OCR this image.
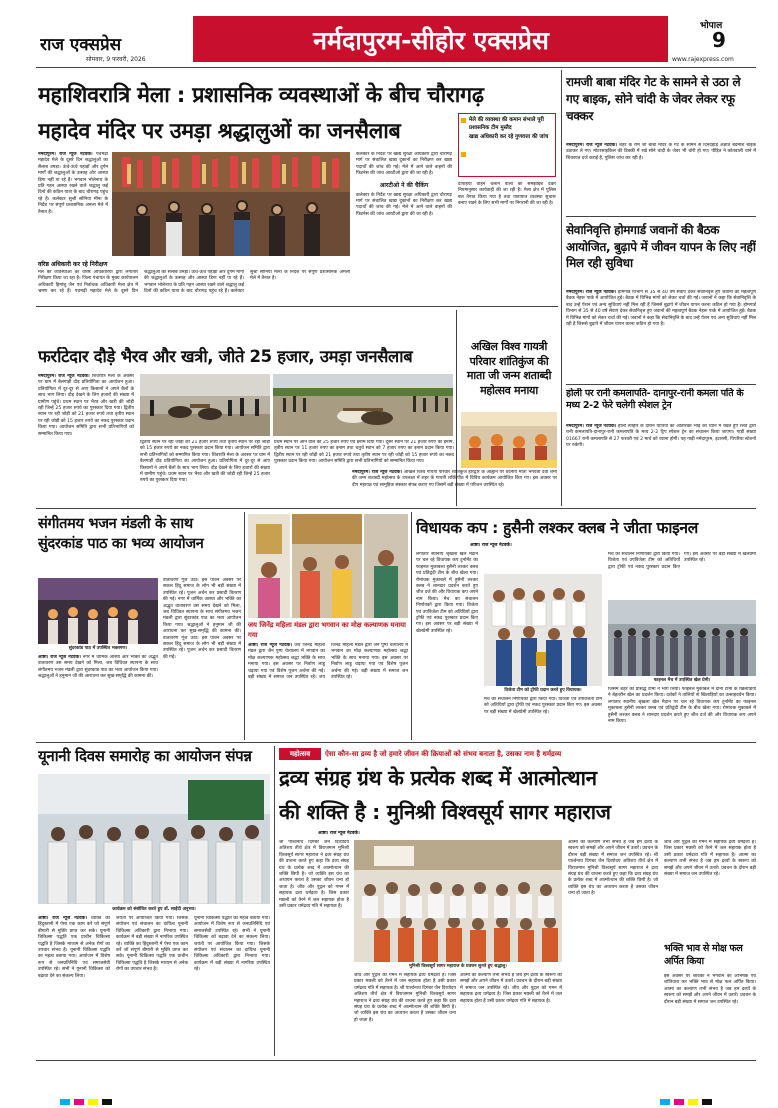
राज एक्सप्रेस
सोमवार, 9 फरवरी, 2026
नर्मदापुरम-सीहोर एक्सप्रेस	भोपाल
9
www.rajexpress.com
महाशिवरात्रि मेला : प्रशासनिक व्यवस्थाओं के बीच चौरागढ़
महादेव मंदिर पर उमड़ा श्रद्धालुओं का जनसैलाब	मेले की व्यवस्था की कमान संभाले पूरी प्रशासनिक टीम मुस्तैद
खाद्य अधिकारी कर रहे गुणवत्ता की जांच
नर्मदापुरम। राज न्यूज नेटवर्क। पचमढ़ी महादेव मेले के दूसरे दिन श्रद्धालुओं का सैलाब उमड़ा। ऊंचे-ऊंचे पहाड़ों और दुर्गम मार्गों की श्रद्धालुओं के उत्साह और आस्था डिगा नहीं पा रहे हैं। भगवान भोलेनाथ के प्रति गहन आस्था रखने वाले श्रद्धालु कई दिनों की कठिन यात्रा के बाद चौरागढ़ पहुंच रहे हैं। कलेक्टर सुश्री सोनिया मीना के निर्देश पर संपूर्ण प्रशासनिक अमला मेले में तैनात है।
कलेक्टर के निर्देश पर खाद्य सुरक्षा अधिकारी द्वारा चौरागढ़ मार्ग पर संचालित खाद्य दुकानों का निरीक्षण कर खाद्य पदार्थों की जांच की गई। मेले में आने वाले वाहनों की फिटनेस की जांच आरटीओ द्वारा की जा रही है।
आरटीओ ने की चैकिंग
कलेक्टर के निर्देश पर खाद्य सुरक्षा अधिकारी द्वारा चौरागढ़ मार्ग पर संचालित खाद्य दुकानों का निरीक्षण कर खाद्य पदार्थों की जांच की गई। मेले में आने वाले वाहनों की फिटनेस की जांच आरटीओ द्वारा की जा रही है।
दोपहिया वाहन चलाने वालों को समझाइश देकर नियमानुसार कार्यवाही की जा रही है। मेला क्षेत्र में पुलिस बल तैनात किया गया है तथा यातायात व्यवस्था सुचारू बनाए रखने के लिए सभी मार्गों पर निगरानी की जा रही है।
वरिष्ठ अधिकारी कर रहे निरीक्षण
मेले की व्यवस्थाओं का वरिष्ठ अधिकारियों द्वारा लगातार निरीक्षण किया जा रहा है। जिला पंचायत के मुख्य कार्यपालन अधिकारी हिमांशु जैन एवं निर्वाचक अधिकारी मेला क्षेत्र में भ्रमण कर रहे हैं। पचमढ़ी महादेव मेले के दूसरे दिन श्रद्धालुओं का सैलाब उमड़ा। ऊंचे-ऊंचे पहाड़ों और दुर्गम मार्गों की श्रद्धालुओं के उत्साह और आस्था डिगा नहीं पा रहे हैं। भगवान भोलेनाथ के प्रति गहन आस्था रखने वाले श्रद्धालु कई दिनों की कठिन यात्रा के बाद चौरागढ़ पहुंच रहे हैं। कलेक्टर सुश्री सोनिया मीना के निर्देश पर संपूर्ण प्रशासनिक अमला मेले में तैनात है।
रामजी बाबा मंदिर गेट के सामने से उठा ले गए बाइक, सोने चांदी के जेवर लेकर रफू चक्कर
नर्मदापुरम। राज न्यूज नेटवर्क। शहर के राम जी बाबा मंदिर के गेट के सामने से दिनदहाड़े अज्ञात बदमाश बाइक उठाकर ले गए। मोटरसाइकिल की डिक्की में रखे सोने चांदी के जेवर भी चोरी हो गए। पीड़ित ने कोतवाली थाने में शिकायत दर्ज कराई है, पुलिस जांच कर रही है।
सेवानिवृत्ति होमगार्ड जवानों की बैठक आयोजित, बुढ़ापे में जीवन यापन के लिए नहीं मिल रही सुविधा
नर्मदापुरम। राज न्यूज नेटवर्क। होमगार्ड विभाग से 35 से 40 वर्ष सेवाएं देकर सेवानिवृत्त हुए जवानों की महत्वपूर्ण बैठक नेहरू पार्क में आयोजित हुई। बैठक में विभिन्न मांगों को लेकर चर्चा की गई। जवानों ने कहा कि सेवानिवृत्ति के बाद उन्हें पेंशन एवं अन्य सुविधाएं नहीं मिल रही हैं जिससे बुढ़ापे में जीवन यापन करना कठिन हो गया है। होमगार्ड विभाग से 35 से 40 वर्ष सेवाएं देकर सेवानिवृत्त हुए जवानों की महत्वपूर्ण बैठक नेहरू पार्क में आयोजित हुई। बैठक में विभिन्न मांगों को लेकर चर्चा की गई। जवानों ने कहा कि सेवानिवृत्ति के बाद उन्हें पेंशन एवं अन्य सुविधाएं नहीं मिल रही हैं जिससे बुढ़ापे में जीवन यापन करना कठिन हो गया है।
होली पर रानी कमलापति- दानापुर-रानी कमला पति के मध्य 2-2 फेरे चलेगी स्पेशल ट्रेन
नर्मदापुरम। राज न्यूज नेटवर्क। होली त्योहार के दौरान यात्रियों की अतिरिक्त भीड़ को ध्यान में रखते हुए रेलवे द्वारा रानी कमलापति-दानापुर-रानी कमलापति के मध्य 2-2 ट्रिप स्पेशल ट्रेन का संचालन किया जाएगा। गाड़ी संख्या 01667 रानी कमलापति से 27 फरवरी एवं 2 मार्च को रवाना होगी। यह गाड़ी नर्मदापुरम, इटारसी, पिपरिया स्टेशनों पर रुकेगी।
फर्राटेदार दौड़े भैरव और खत्री, जीते 25 हजार, उमड़ा जनसैलाब
नर्मदापुरम। राज न्यूज नेटवर्क। शिवरात्रि मेला के अवसर पर ग्राम में बैलगाड़ी दौड़ प्रतियोगिता का आयोजन हुआ। प्रतियोगिता में दूर-दूर से आए किसानों ने अपने बैलों के साथ भाग लिया। दौड़ देखने के लिए हजारों की संख्या में ग्रामीण पहुंचे। प्रथम स्थान पर भैरव और खत्री की जोड़ी रही जिन्हें 25 हजार रुपये का पुरस्कार दिया गया। द्वितीय स्थान पर रही जोड़ी को 21 हजार रुपये तथा तृतीय स्थान पर रही जोड़ी को 15 हजार रुपये का नकद पुरस्कार प्रदान किया गया। आयोजन समिति द्वारा सभी प्रतिभागियों को सम्मानित किया गया।
द्वितीय स्थान पर रही जोड़ी को 21 हजार रुपये तथा तृतीय स्थान पर रही जोड़ी को 15 हजार रुपये का नकद पुरस्कार प्रदान किया गया। आयोजन समिति द्वारा सभी प्रतिभागियों को सम्मानित किया गया। शिवरात्रि मेला के अवसर पर ग्राम में बैलगाड़ी दौड़ प्रतियोगिता का आयोजन हुआ। प्रतियोगिता में दूर-दूर से आए किसानों ने अपने बैलों के साथ भाग लिया। दौड़ देखने के लिए हजारों की संख्या में ग्रामीण पहुंचे। प्रथम स्थान पर भैरव और खत्री की जोड़ी रही जिन्हें 25 हजार रुपये का पुरस्कार दिया गया।
प्रथम स्थान पर आने वाले को 25 हजार रुपए एवं इनाम दिया गया। दूसरे स्थान पर 21 हजार रुपए का इनाम, तृतीय स्थान पर 11 हजार रुपए का इनाम तथा चतुर्थ स्थान को 7 हजार रुपए का इनाम प्रदान किया गया। द्वितीय स्थान पर रही जोड़ी को 21 हजार रुपये तथा तृतीय स्थान पर रही जोड़ी को 15 हजार रुपये का नकद पुरस्कार प्रदान किया गया। आयोजन समिति द्वारा सभी प्रतिभागियों को सम्मानित किया गया।
अखिल विश्व गायत्री परिवार शांतिकुंज की माता जी जन्म शताब्दी महोत्सव मनाया
नर्मदापुरम। राज न्यूज नेटवर्क। अखिल विश्व गायत्री परिवार शांतिकुंज हरिद्वार के आह्वान पर वंदनीय माता भगवती देवी शर्मा की जन्म शताब्दी महोत्सव के उपलक्ष्य में शहर के गायत्री शक्तिपीठ में विविध कार्यक्रम आयोजित किए गए। इस अवसर पर दीप महायज्ञ एवं सामूहिक संस्कार संपन्न कराए गए जिसमें बड़ी संख्या में परिजन उपस्थित रहे।
संगीतमय भजन मंडली के साथ सुंदरकांड पाठ का भव्य आयोजन
सुंदरकांड पाठ में उपस्थित भक्तगण।
आष्टा। राज न्यूज नेटवर्क। नगर में धार्मिक आस्था और भक्ति का अद्भुत वातावरण उस समय देखने को मिला, जब विधिवत स्थापना के साथ संगीतमय भजन मंडली द्वारा सुंदरकांड पाठ का भव्य आयोजन किया गया। श्रद्धालुओं ने हनुमान जी की आराधना कर सुख-समृद्धि की कामना की।
वातावरण गूंज उठा। इस पावन अवसर पर सकल हिंदू समाज के लोग भी बड़ी संख्या में उपस्थित रहे। पूजन अर्चन कर प्रसादी वितरण की गई। नगर में धार्मिक आस्था और भक्ति का अद्भुत वातावरण उस समय देखने को मिला, जब विधिवत स्थापना के साथ संगीतमय भजन मंडली द्वारा सुंदरकांड पाठ का भव्य आयोजन किया गया। श्रद्धालुओं ने हनुमान जी की आराधना कर सुख-समृद्धि की कामना की। वातावरण गूंज उठा। इस पावन अवसर पर सकल हिंदू समाज के लोग भी बड़ी संख्या में उपस्थित रहे। पूजन अर्चन कर प्रसादी वितरण की गई।
जय जिनेंद्र महिला मंडल द्वारा भगवान का मोक्ष कल्याणक मनाया गया
आष्टा। राज न्यूज नेटवर्क। जय जिनेंद्र महिला मंडल द्वारा जैन पुष्प चेत्यालय में भगवान का मोक्ष कल्याणक महोत्सव श्रद्धा भक्ति के साथ मनाया गया। इस अवसर पर निर्वाण लाडू चढ़ाया गया एवं विशेष पूजन अर्चना की गई। बड़ी संख्या में समाज जन उपस्थित रहे। जय जिनेंद्र महिला मंडल द्वारा जैन पुष्प चेत्यालय में भगवान का मोक्ष कल्याणक महोत्सव श्रद्धा भक्ति के साथ मनाया गया। इस अवसर पर निर्वाण लाडू चढ़ाया गया एवं विशेष पूजन अर्चना की गई। बड़ी संख्या में समाज जन उपस्थित रहे।
विधायक कप : हुसैनी लश्कर क्लब ने जीता फाइनल
आष्टा। राज न्यूज नेटवर्क।
लगातार स्थानीय श्रृंखला खेल मैदान पर चल रहे विधायक कप टूर्नामेंट का फाइनल मुकाबला हुसैनी लश्कर क्लब एवं प्रतिद्वंदी टीम के बीच खेला गया। रोमांचक मुकाबले में हुसैनी लश्कर क्लब ने शानदार प्रदर्शन करते हुए जीत दर्ज की और विधायक कप अपने नाम किया। मैच का संचालन निर्णायकों द्वारा किया गया। विजेता एवं उपविजेता टीम को अतिथियों द्वारा ट्रॉफी एवं नकद पुरस्कार प्रदान किए गए। इस अवसर पर बड़ी संख्या में खेलप्रेमी उपस्थित रहे।
विजेता टीम को ट्रॉफी प्रदान करते हुए विधायक।
मैच का संचालन निर्णायकों द्वारा किया गया। विजेता एवं उपविजेता टीम को अतिथियों द्वारा ट्रॉफी एवं नकद पुरस्कार प्रदान किए गए। इस अवसर पर बड़ी संख्या में खेलप्रेमी उपस्थित रहे।
फाइनल मैच में उपस्थित खेल प्रेमी।
जिसमें शहर की प्रसिद्ध टीमों ने भाग लिया। फाइनल मुकाबले में दोनों टीमों के खिलाड़ियों ने बेहतरीन खेल का प्रदर्शन किया। दर्शकों ने तालियों से खिलाड़ियों का उत्साहवर्धन किया। लगातार स्थानीय श्रृंखला खेल मैदान पर चल रहे विधायक कप टूर्नामेंट का फाइनल मुकाबला हुसैनी लश्कर क्लब एवं प्रतिद्वंदी टीम के बीच खेला गया। रोमांचक मुकाबले में हुसैनी लश्कर क्लब ने शानदार प्रदर्शन करते हुए जीत दर्ज की और विधायक कप अपने नाम किया।
मैच का संचालन निर्णायकों द्वारा किया गया। विजेता एवं उपविजेता टीम को अतिथियों द्वारा ट्रॉफी एवं नकद पुरस्कार प्रदान किए गए। इस अवसर पर बड़ी संख्या में खेलप्रेमी उपस्थित रहे।
यूनानी दिवस समारोह का आयोजन संपन्न
कार्यक्रम को संबोधित करते हुए डॉ. साईंदी अनुभव।
आष्टा। राज न्यूज नेटवर्क। व्यक्ति का हिंदुस्तानी में ऐसा एक काम करें जो संपूर्ण बीमारी से मुक्ति प्राप्त कर सके। यूनानी चिकित्सा पद्धति एक प्राचीन चिकित्सा पद्धति है जिसके माध्यम से अनेक रोगों का उपचार संभव है। यूनानी चिकित्सा पद्धति का महत्व बताया गया। आयोजन में विशेष रूप से जनप्रतिनिधि एवं समाजसेवी उपस्थित रहे। सभी ने यूनानी चिकित्सा को बढ़ावा देने का संकल्प लिया।
जयंती पर आयोजित किया गया। जिसके संयोजन एवं संचालन का दायित्व यूनानी चिकित्सा अधिकारी द्वारा निभाया गया। कार्यक्रम में बड़ी संख्या में नागरिक उपस्थित रहे। व्यक्ति का हिंदुस्तानी में ऐसा एक काम करें जो संपूर्ण बीमारी से मुक्ति प्राप्त कर सके। यूनानी चिकित्सा पद्धति एक प्राचीन चिकित्सा पद्धति है जिसके माध्यम से अनेक रोगों का उपचार संभव है।
यूनानी चिकित्सा पद्धति का महत्व बताया गया। आयोजन में विशेष रूप से जनप्रतिनिधि एवं समाजसेवी उपस्थित रहे। सभी ने यूनानी चिकित्सा को बढ़ावा देने का संकल्प लिया। जयंती पर आयोजित किया गया। जिसके संयोजन एवं संचालन का दायित्व यूनानी चिकित्सा अधिकारी द्वारा निभाया गया। कार्यक्रम में बड़ी संख्या में नागरिक उपस्थित रहे।
महोत्सव	ऐसा कौन-सा द्रव्य है जो हमारे जीवन की क्रियाओं को संभव बनाता है, उसका नाम है धर्मद्रव्य
द्रव्य संग्रह ग्रंथ के प्रत्येक शब्द में आत्मोत्थान
की शक्ति है : मुनिश्री विश्वसूर्य सागर महाराज
आष्टा। राज न्यूज नेटवर्क।
श्री पार्श्वनाथ दिगंबर जैन दिव्योदय अतिशय तीर्थ क्षेत्र में विराजमान मुनिश्री विश्वसूर्य सागर महाराज ने द्रव्य संग्रह ग्रंथ की वाचना करते हुए कहा कि द्रव्य संग्रह ग्रंथ के प्रत्येक शब्द में आत्मोत्थान की शक्ति छिपी है। जो व्यक्ति इस ग्रंथ का अध्ययन करता है उसका जीवन धन्य हो जाता है। जीव और पुद्गल को गमन में सहायक द्रव्य धर्मद्रव्य है। जिस प्रकार मछली को तैरने में जल सहायक होता है उसी प्रकार धर्मद्रव्य गति में सहायक है।
मुनिश्री विश्वसूर्य सागर महाराज के प्रवचन सुनते हुए श्रद्धालु।
जीव और पुद्गल को गमन में सहायक द्रव्य धर्मद्रव्य है। जिस प्रकार मछली को तैरने में जल सहायक होता है उसी प्रकार धर्मद्रव्य गति में सहायक है। श्री पार्श्वनाथ दिगंबर जैन दिव्योदय अतिशय तीर्थ क्षेत्र में विराजमान मुनिश्री विश्वसूर्य सागर महाराज ने द्रव्य संग्रह ग्रंथ की वाचना करते हुए कहा कि द्रव्य संग्रह ग्रंथ के प्रत्येक शब्द में आत्मोत्थान की शक्ति छिपी है। जो व्यक्ति इस ग्रंथ का अध्ययन करता है उसका जीवन धन्य हो जाता है।
आत्मा का कल्याण तभी संभव है जब हम द्रव्यों के स्वरूप को समझें और अपने जीवन में उतारें। प्रवचन के दौरान बड़ी संख्या में समाज जन उपस्थित रहे। जीव और पुद्गल को गमन में सहायक द्रव्य धर्मद्रव्य है। जिस प्रकार मछली को तैरने में जल सहायक होता है उसी प्रकार धर्मद्रव्य गति में सहायक है।
आत्मा का कल्याण तभी संभव है जब हम द्रव्यों के स्वरूप को समझें और अपने जीवन में उतारें। प्रवचन के दौरान बड़ी संख्या में समाज जन उपस्थित रहे। श्री पार्श्वनाथ दिगंबर जैन दिव्योदय अतिशय तीर्थ क्षेत्र में विराजमान मुनिश्री विश्वसूर्य सागर महाराज ने द्रव्य संग्रह ग्रंथ की वाचना करते हुए कहा कि द्रव्य संग्रह ग्रंथ के प्रत्येक शब्द में आत्मोत्थान की शक्ति छिपी है। जो व्यक्ति इस ग्रंथ का अध्ययन करता है उसका जीवन धन्य हो जाता है।
जीव और पुद्गल को गमन में सहायक द्रव्य धर्मद्रव्य है। जिस प्रकार मछली को तैरने में जल सहायक होता है उसी प्रकार धर्मद्रव्य गति में सहायक है। आत्मा का कल्याण तभी संभव है जब हम द्रव्यों के स्वरूप को समझें और अपने जीवन में उतारें। प्रवचन के दौरान बड़ी संख्या में समाज जन उपस्थित रहे।
भक्ति भाव से मोक्ष फल अर्पित किया
इस अवसर पर श्रावकों ने भगवान का अभिषेक एवं शांतिधारा कर भक्ति भाव से मोक्ष फल अर्पित किया। आत्मा का कल्याण तभी संभव है जब हम द्रव्यों के स्वरूप को समझें और अपने जीवन में उतारें। प्रवचन के दौरान बड़ी संख्या में समाज जन उपस्थित रहे।
